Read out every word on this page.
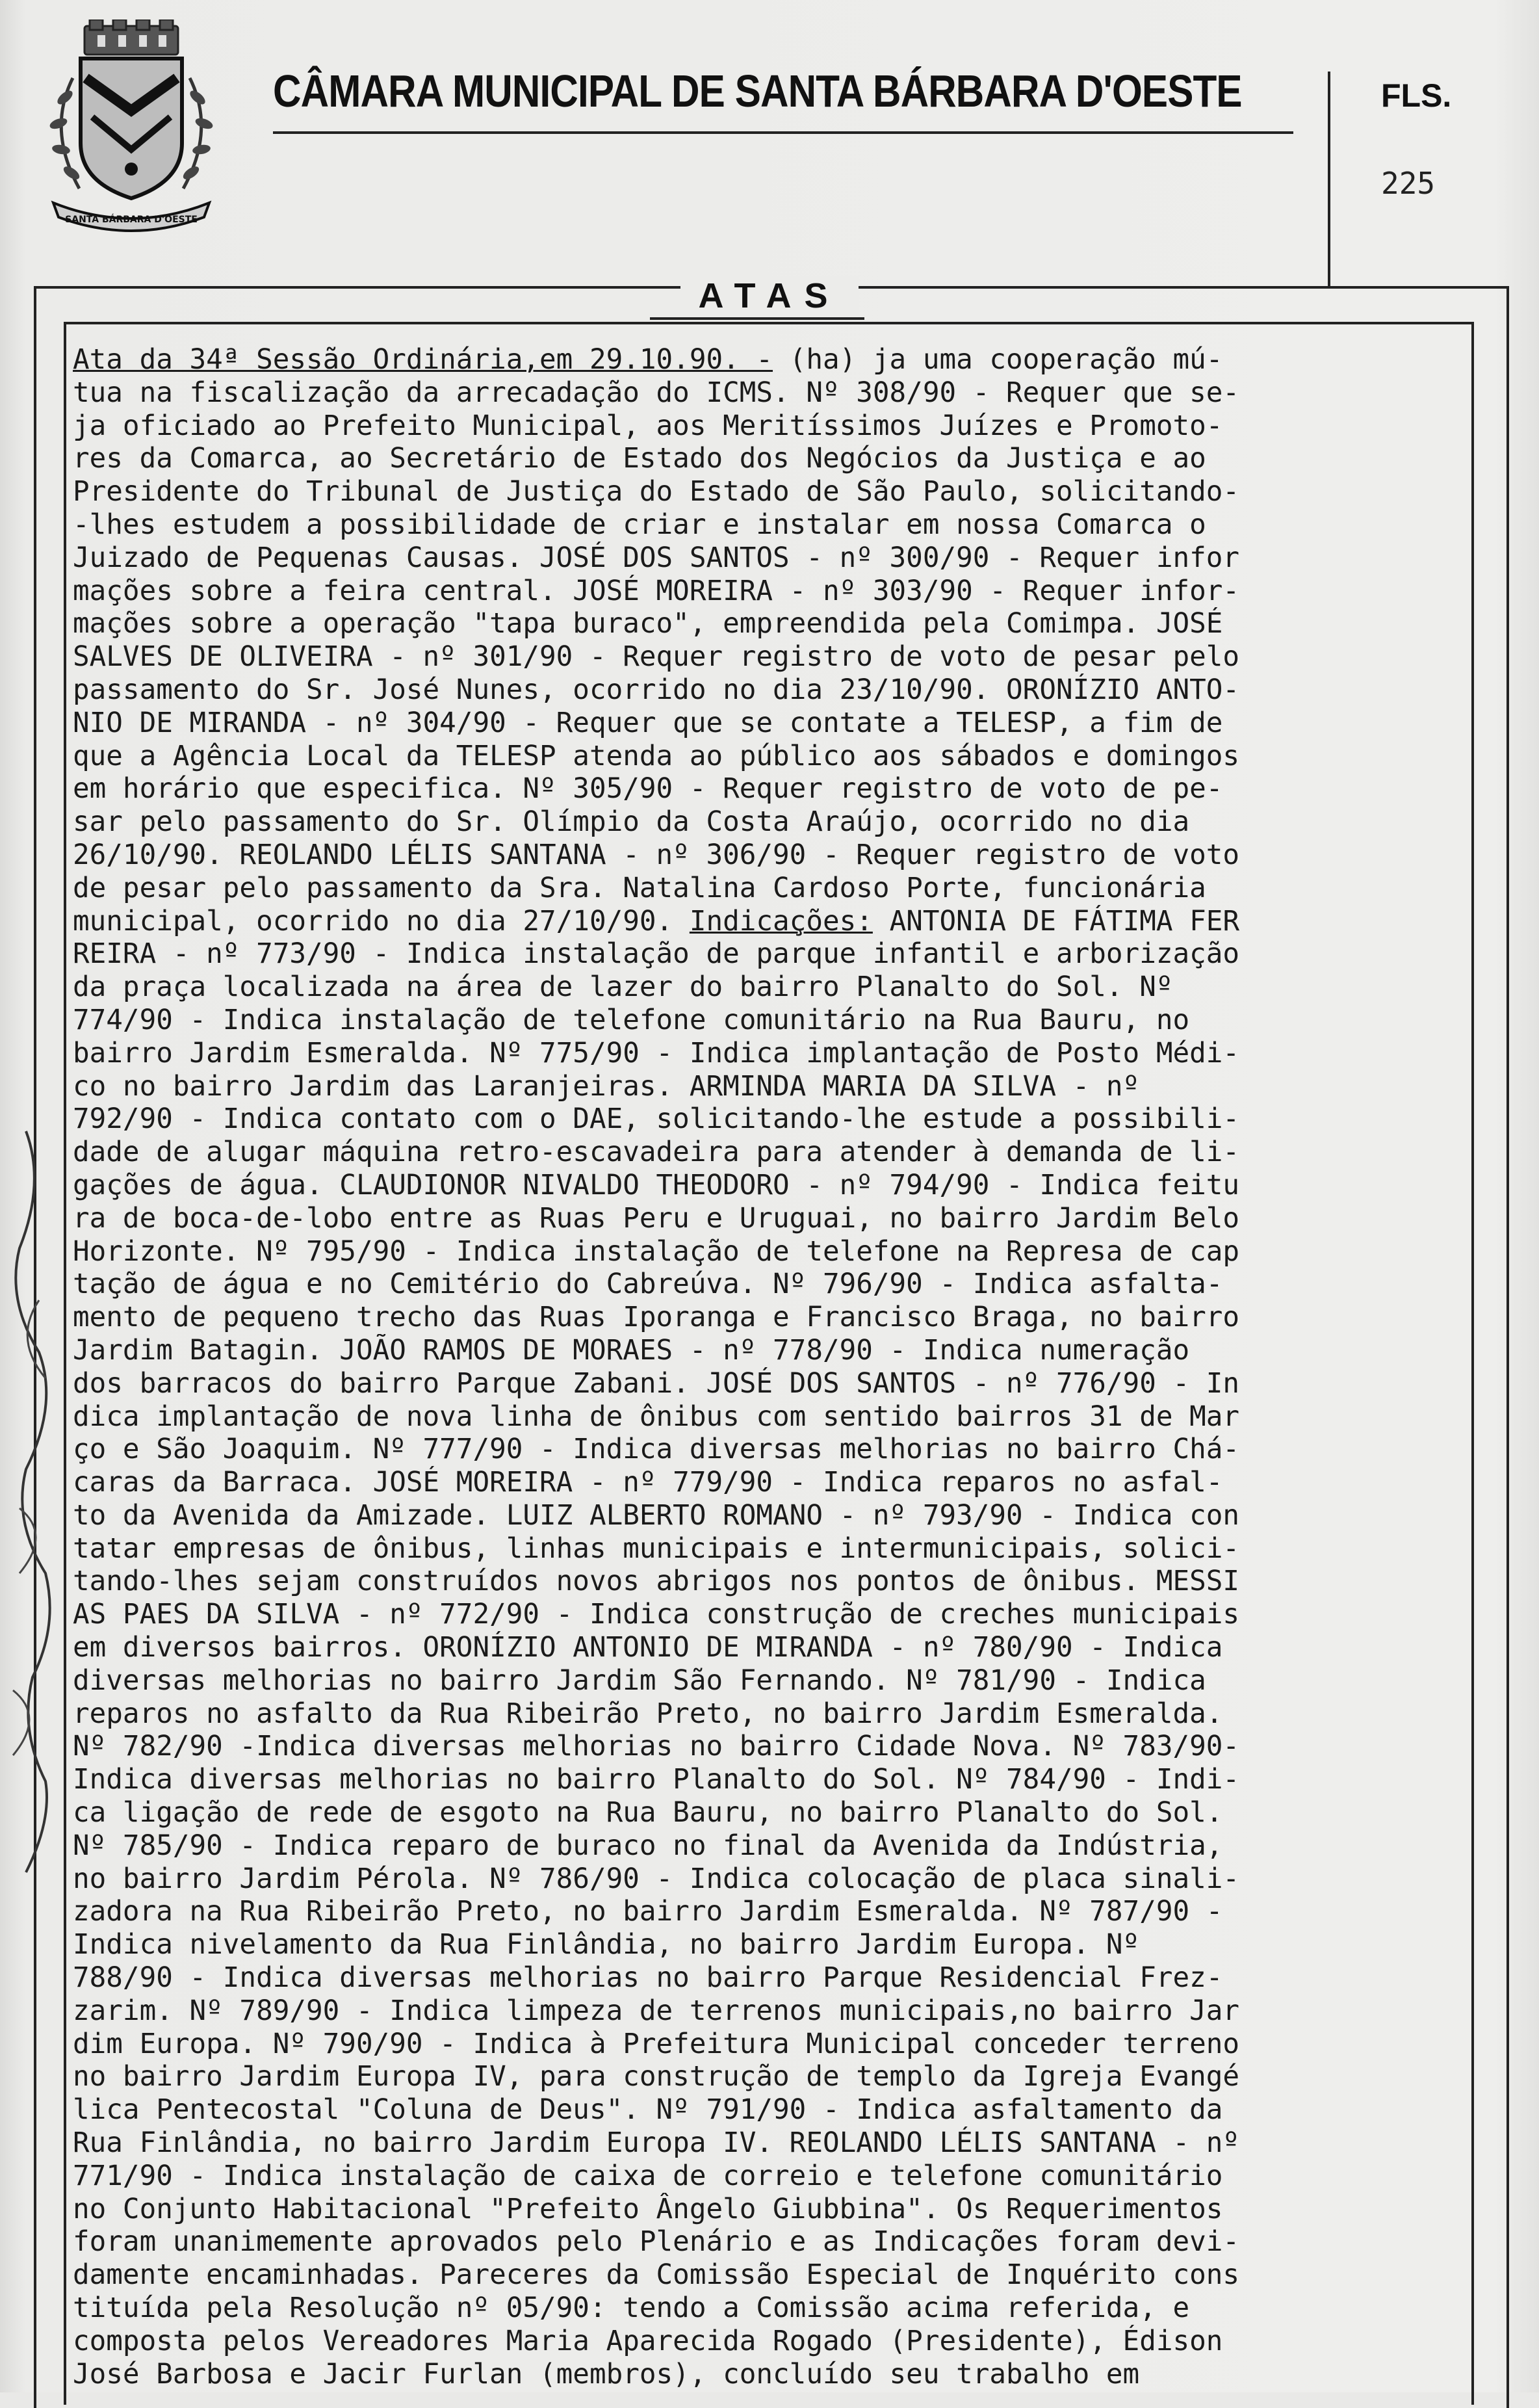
SANTA BÁRBARA D'OESTE
CÂMARA MUNICIPAL DE SANTA BÁRBARA D'OESTE	FLS.
225
ATAS
Ata da 34ª Sessão Ordinária,em 29.10.90. - (ha) ja uma cooperação mú-
tua na fiscalização da arrecadação do ICMS. Nº 308/90 - Requer que se-
ja oficiado ao Prefeito Municipal, aos Meritíssimos Juízes e Promoto-
res da Comarca, ao Secretário de Estado dos Negócios da Justiça e ao
Presidente do Tribunal de Justiça do Estado de São Paulo, solicitando-
-lhes estudem a possibilidade de criar e instalar em nossa Comarca o
Juizado de Pequenas Causas. JOSÉ DOS SANTOS - nº 300/90 - Requer infor
mações sobre a feira central. JOSÉ MOREIRA - nº 303/90 - Requer infor-
mações sobre a operação "tapa buraco", empreendida pela Comimpa. JOSÉ
SALVES DE OLIVEIRA - nº 301/90 - Requer registro de voto de pesar pelo
passamento do Sr. José Nunes, ocorrido no dia 23/10/90. ORONÍZIO ANTO-
NIO DE MIRANDA - nº 304/90 - Requer que se contate a TELESP, a fim de
que a Agência Local da TELESP atenda ao público aos sábados e domingos
em horário que especifica. Nº 305/90 - Requer registro de voto de pe-
sar pelo passamento do Sr. Olímpio da Costa Araújo, ocorrido no dia
26/10/90. REOLANDO LÉLIS SANTANA - nº 306/90 - Requer registro de voto
de pesar pelo passamento da Sra. Natalina Cardoso Porte, funcionária
municipal, ocorrido no dia 27/10/90. Indicações: ANTONIA DE FÁTIMA FER
REIRA - nº 773/90 - Indica instalação de parque infantil e arborização
da praça localizada na área de lazer do bairro Planalto do Sol. Nº
774/90 - Indica instalação de telefone comunitário na Rua Bauru, no
bairro Jardim Esmeralda. Nº 775/90 - Indica implantação de Posto Médi-
co no bairro Jardim das Laranjeiras. ARMINDA MARIA DA SILVA - nº
792/90 - Indica contato com o DAE, solicitando-lhe estude a possibili-
dade de alugar máquina retro-escavadeira para atender à demanda de li-
gações de água. CLAUDIONOR NIVALDO THEODORO - nº 794/90 - Indica feitu
ra de boca-de-lobo entre as Ruas Peru e Uruguai, no bairro Jardim Belo
Horizonte. Nº 795/90 - Indica instalação de telefone na Represa de cap
tação de água e no Cemitério do Cabreúva. Nº 796/90 - Indica asfalta-
mento de pequeno trecho das Ruas Iporanga e Francisco Braga, no bairro
Jardim Batagin. JOÃO RAMOS DE MORAES - nº 778/90 - Indica numeração
dos barracos do bairro Parque Zabani. JOSÉ DOS SANTOS - nº 776/90 - In
dica implantação de nova linha de ônibus com sentido bairros 31 de Mar
ço e São Joaquim. Nº 777/90 - Indica diversas melhorias no bairro Chá-
caras da Barraca. JOSÉ MOREIRA - nº 779/90 - Indica reparos no asfal-
to da Avenida da Amizade. LUIZ ALBERTO ROMANO - nº 793/90 - Indica con
tatar empresas de ônibus, linhas municipais e intermunicipais, solici-
tando-lhes sejam construídos novos abrigos nos pontos de ônibus. MESSI
AS PAES DA SILVA - nº 772/90 - Indica construção de creches municipais
em diversos bairros. ORONÍZIO ANTONIO DE MIRANDA - nº 780/90 - Indica
diversas melhorias no bairro Jardim São Fernando. Nº 781/90 - Indica
reparos no asfalto da Rua Ribeirão Preto, no bairro Jardim Esmeralda.
Nº 782/90 -Indica diversas melhorias no bairro Cidade Nova. Nº 783/90-
Indica diversas melhorias no bairro Planalto do Sol. Nº 784/90 - Indi-
ca ligação de rede de esgoto na Rua Bauru, no bairro Planalto do Sol.
Nº 785/90 - Indica reparo de buraco no final da Avenida da Indústria,
no bairro Jardim Pérola. Nº 786/90 - Indica colocação de placa sinali-
zadora na Rua Ribeirão Preto, no bairro Jardim Esmeralda. Nº 787/90 -
Indica nivelamento da Rua Finlândia, no bairro Jardim Europa. Nº
788/90 - Indica diversas melhorias no bairro Parque Residencial Frez-
zarim. Nº 789/90 - Indica limpeza de terrenos municipais,no bairro Jar
dim Europa. Nº 790/90 - Indica à Prefeitura Municipal conceder terreno
no bairro Jardim Europa IV, para construção de templo da Igreja Evangé
lica Pentecostal "Coluna de Deus". Nº 791/90 - Indica asfaltamento da
Rua Finlândia, no bairro Jardim Europa IV. REOLANDO LÉLIS SANTANA - nº
771/90 - Indica instalação de caixa de correio e telefone comunitário
no Conjunto Habitacional "Prefeito Ângelo Giubbina". Os Requerimentos
foram unanimemente aprovados pelo Plenário e as Indicações foram devi-
damente encaminhadas. Pareceres da Comissão Especial de Inquérito cons
tituída pela Resolução nº 05/90: tendo a Comissão acima referida, e
composta pelos Vereadores Maria Aparecida Rogado (Presidente), Édison
José Barbosa e Jacir Furlan (membros), concluído seu trabalho em
